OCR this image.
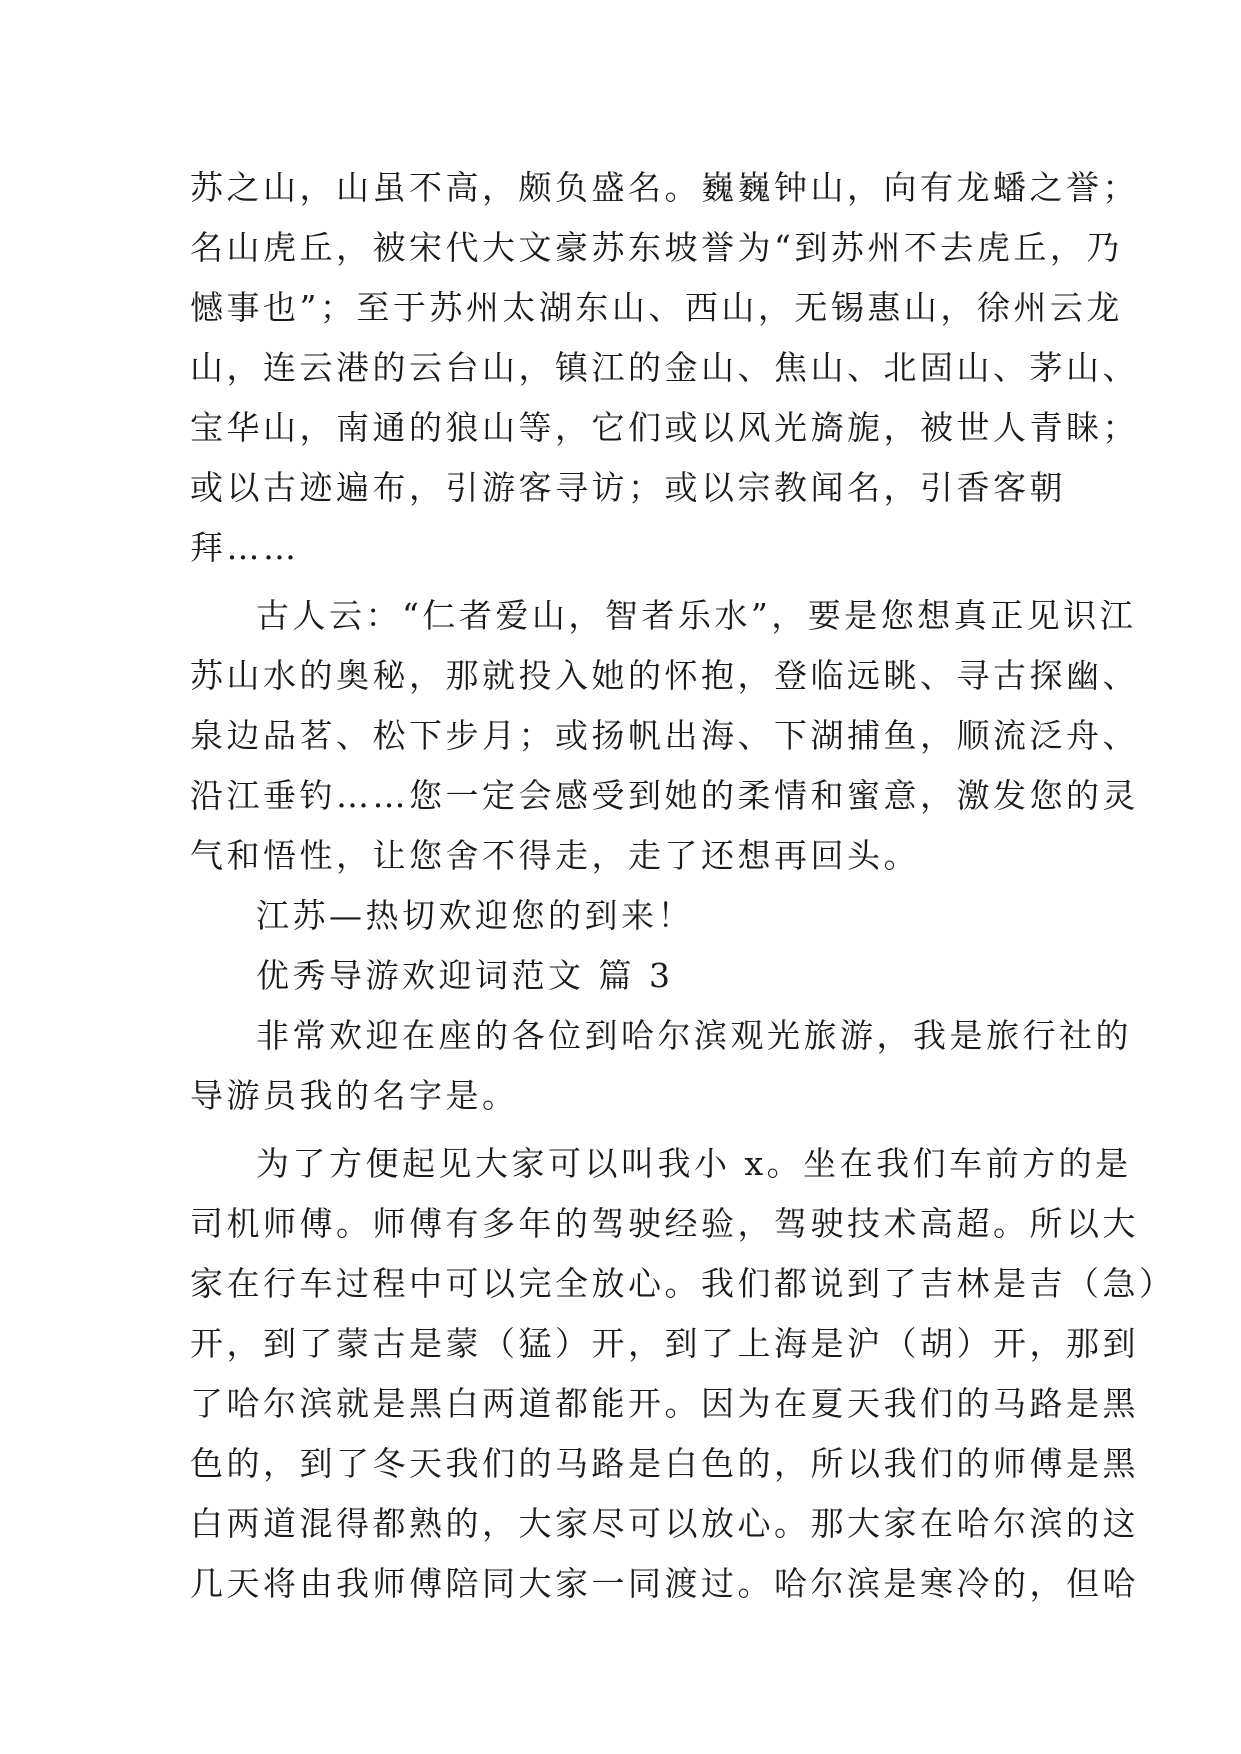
苏之山，山虽不高，颇负盛名。巍巍钟山，向有龙蟠之誉；
名山虎丘，被宋代大文豪苏东坡誉为“到苏州不去虎丘，乃
憾事也”；至于苏州太湖东山、西山，无锡惠山，徐州云龙
山，连云港的云台山，镇江的金山、焦山、北固山、茅山、
宝华山，南通的狼山等，它们或以风光旖旎，被世人青睐；
或以古迹遍布，引游客寻访；或以宗教闻名，引香客朝
拜……
古人云：“仁者爱山，智者乐水”，要是您想真正见识江
苏山水的奥秘，那就投入她的怀抱，登临远眺、寻古探幽、
泉边品茗、松下步月；或扬帆出海、下湖捕鱼，顺流泛舟、
沿江垂钓……您一定会感受到她的柔情和蜜意，激发您的灵
气和悟性，让您舍不得走，走了还想再回头。
江苏—热切欢迎您的到来！
优秀导游欢迎词范文 篇 3
非常欢迎在座的各位到哈尔滨观光旅游，我是旅行社的
导游员我的名字是。
为了方便起见大家可以叫我小 x。坐在我们车前方的是
司机师傅。师傅有多年的驾驶经验，驾驶技术高超。所以大
家在行车过程中可以完全放心。我们都说到了吉林是吉（急）
开，到了蒙古是蒙（猛）开，到了上海是沪（胡）开，那到
了哈尔滨就是黑白两道都能开。因为在夏天我们的马路是黑
色的，到了冬天我们的马路是白色的，所以我们的师傅是黑
白两道混得都熟的，大家尽可以放心。那大家在哈尔滨的这
几天将由我师傅陪同大家一同渡过。哈尔滨是寒冷的，但哈
